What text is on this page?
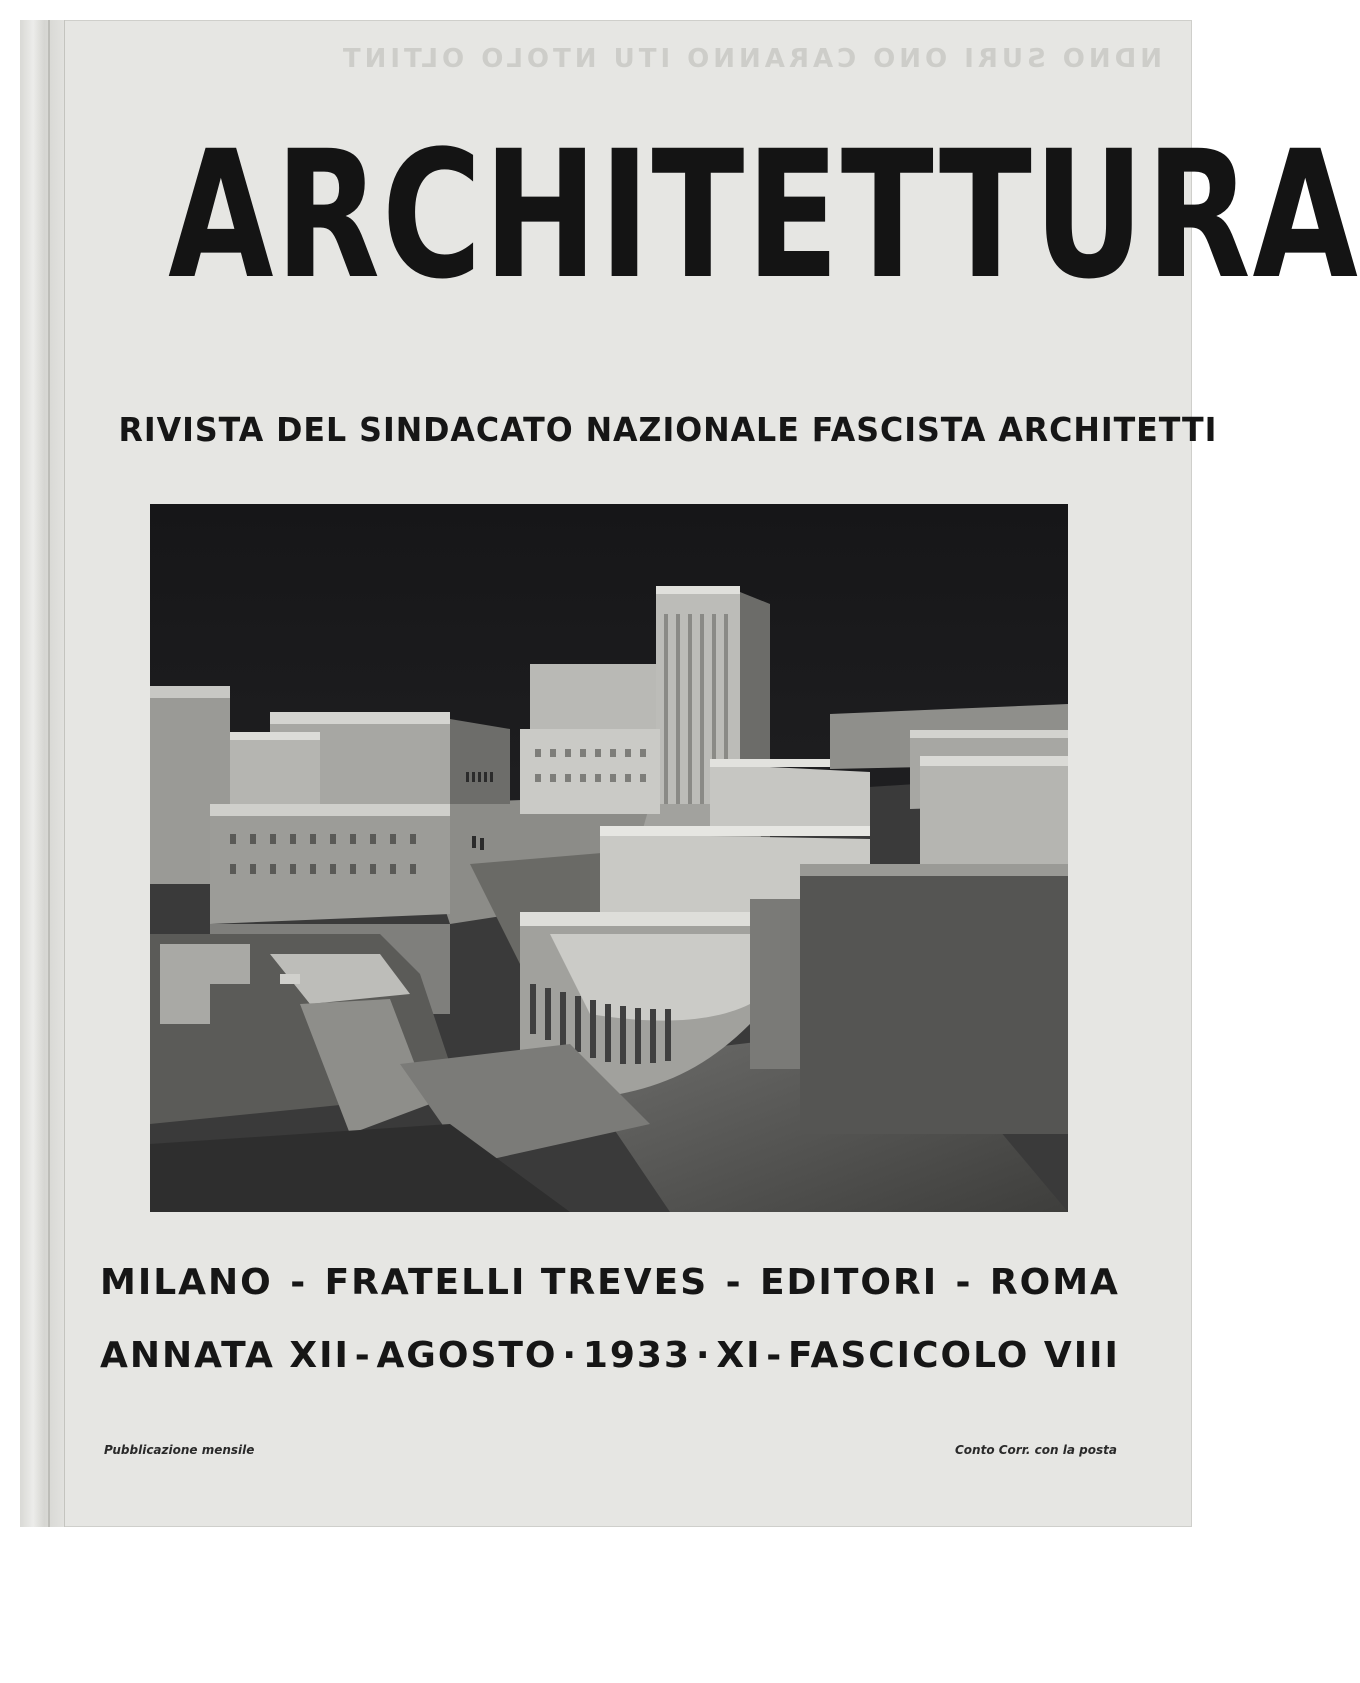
NDNO SURI ONO CARANNO ITU NTOLO OLTINT
ARCHITETTURA
RIVISTA DEL SINDACATO NAZIONALE FASCISTA ARCHITETTI
MILANO - FRATELLI TREVES - EDITORI - ROMA
ANNATA XII - AGOSTO · 1933 · XI - FASCICOLO VIII
Pubblicazione mensile	Conto Corr. con la posta
